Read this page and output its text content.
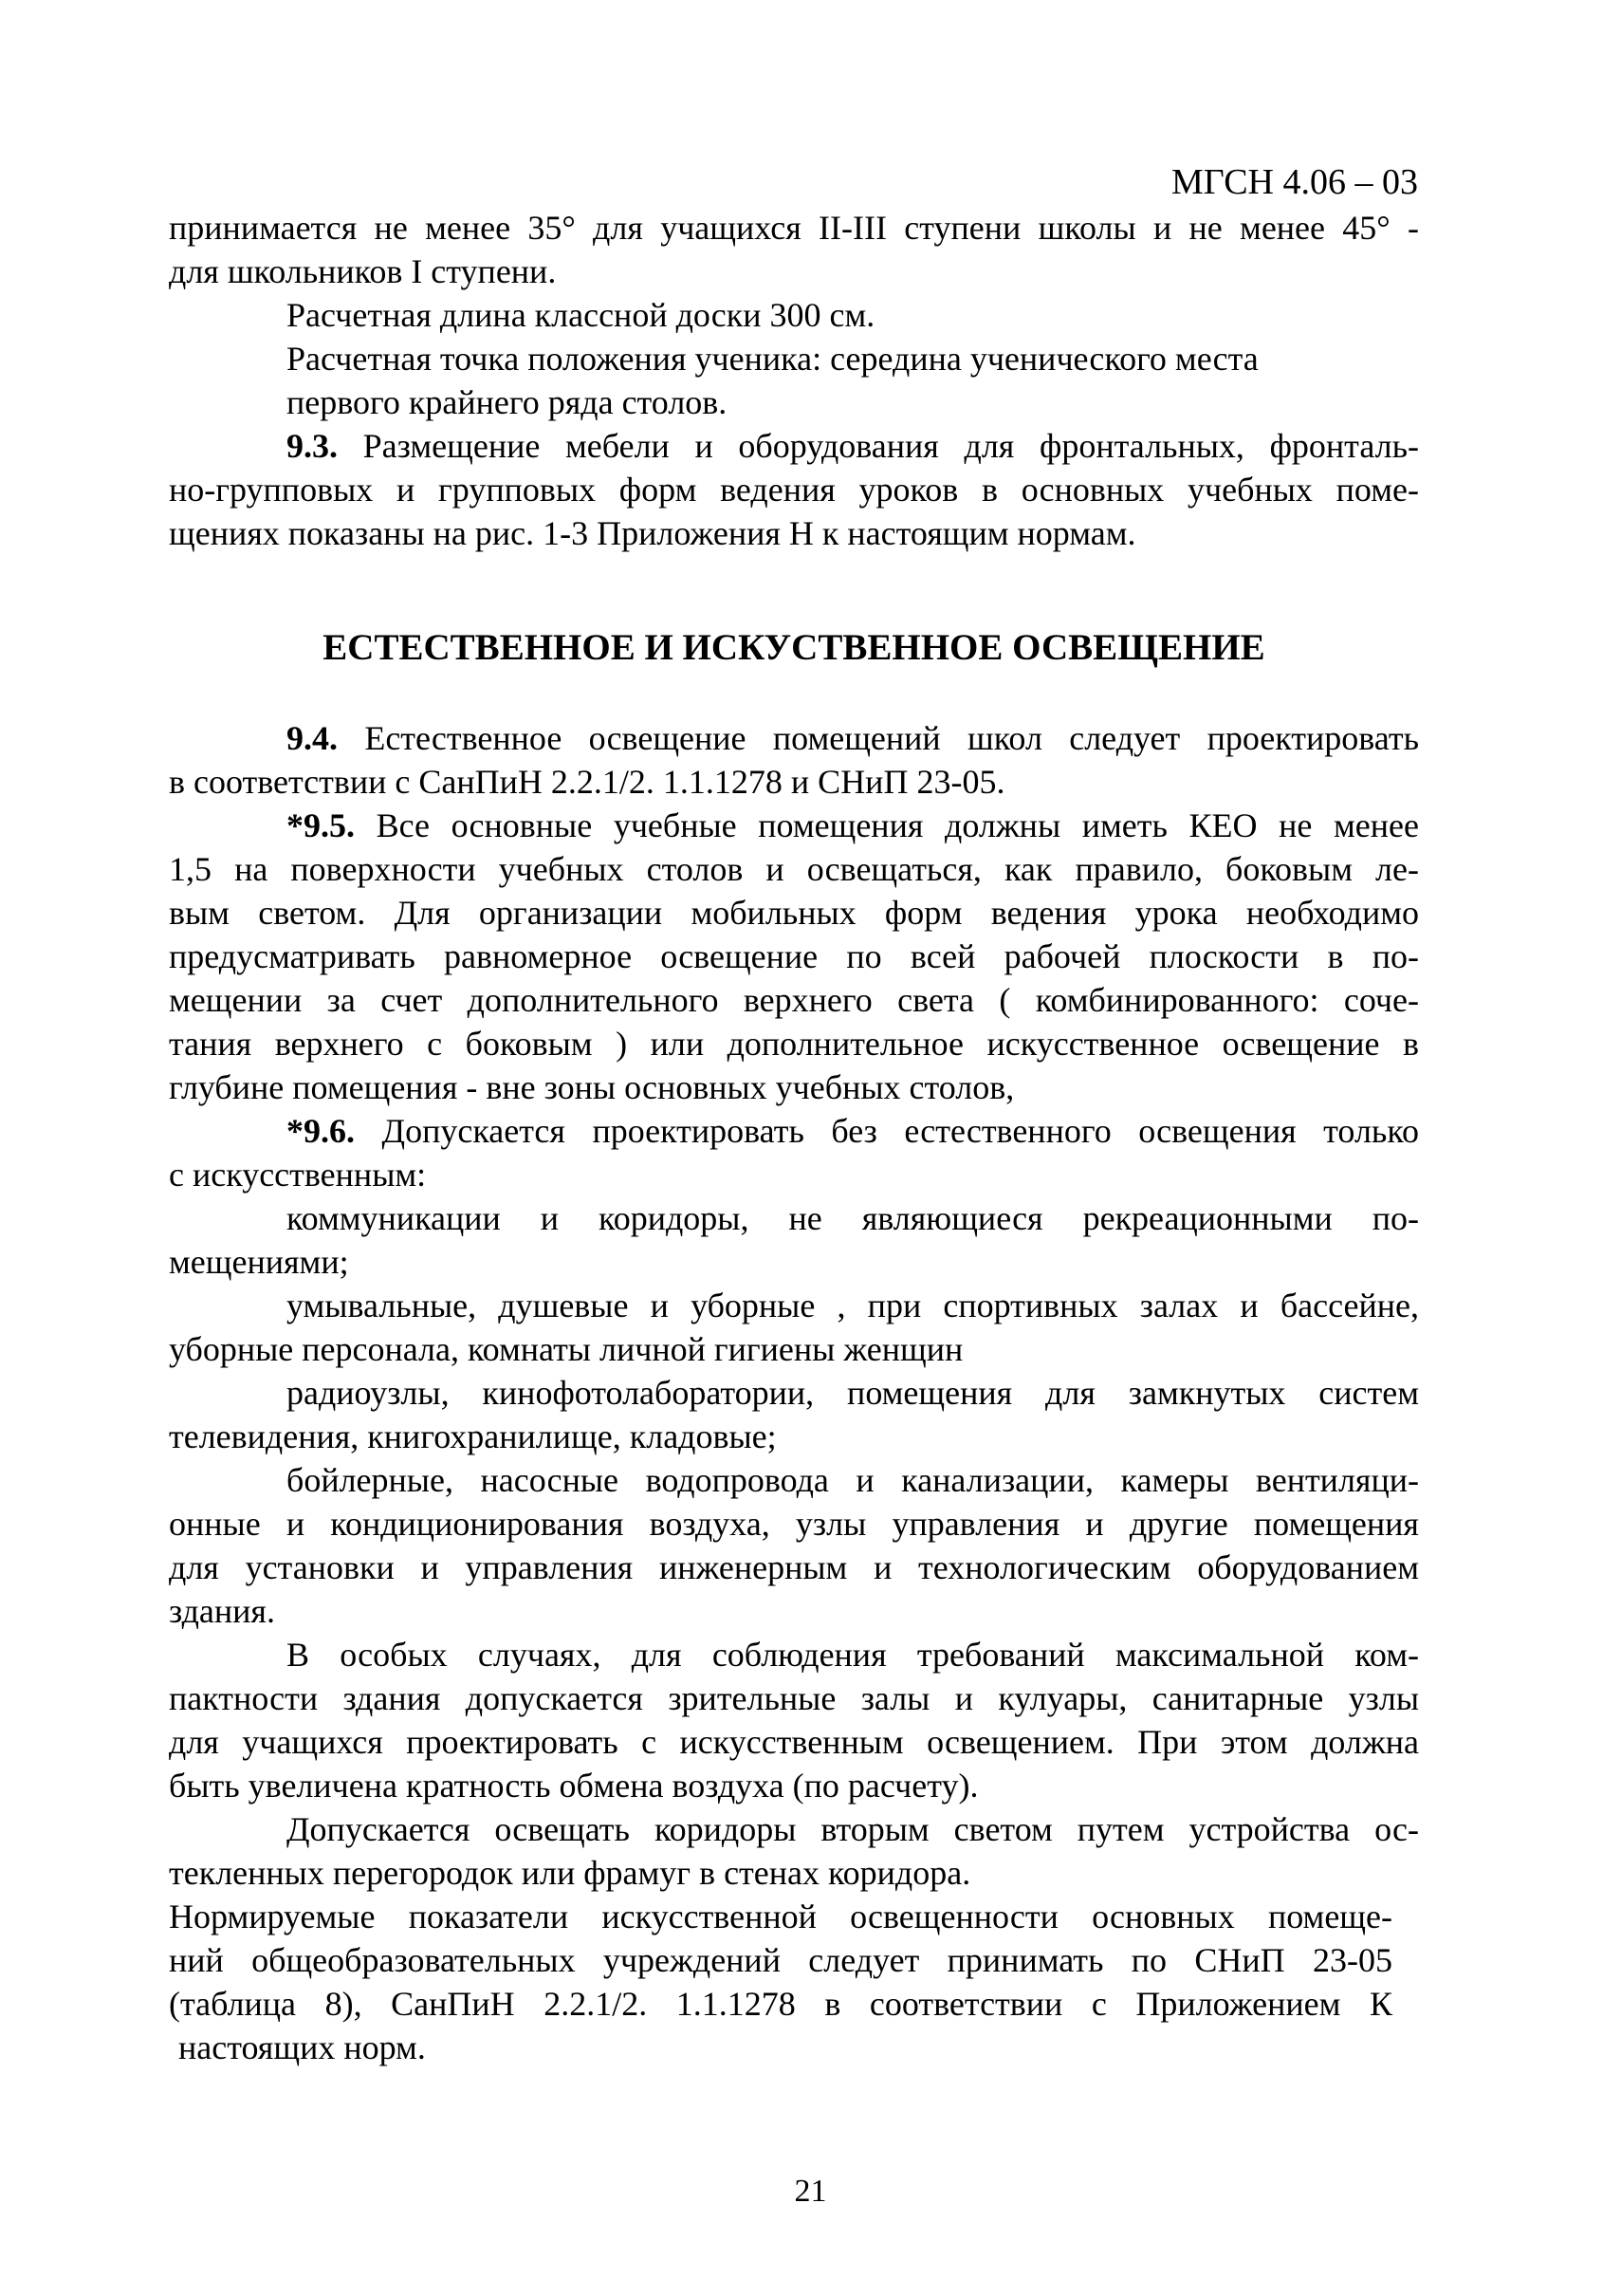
МГСН 4.06 – 03
принимается не менее 35° для учащихся II-III ступени школы и не менее 45° -
для школьников I ступени.
Расчетная длина классной доски 300 см.
Расчетная точка положения ученика: середина ученического места
первого крайнего ряда столов.
9.3. Размещение мебели и оборудования для фронтальных, фронталь-
но-групповых и групповых форм ведения уроков в основных учебных поме-
щениях показаны на рис. 1-3 Приложения Н к настоящим нормам.
ЕСТЕСТВЕННОЕ И ИСКУСТВЕННОЕ ОСВЕЩЕНИЕ
9.4. Естественное освещение помещений школ следует проектировать
в соответствии с СанПиН 2.2.1/2. 1.1.1278 и СНиП 23-05.
*9.5. Все основные учебные помещения должны иметь КЕО не менее
1,5 на поверхности учебных столов и освещаться, как правило, боковым ле-
вым светом. Для организации мобильных форм ведения урока необходимо
предусматривать равномерное освещение по всей рабочей плоскости в по-
мещении за счет дополнительного верхнего света ( комбинированного: соче-
тания верхнего с боковым ) или дополнительное искусственное освещение в
глубине помещения - вне зоны основных учебных столов,
*9.6. Допускается проектировать без естественного освещения только
с искусственным:
коммуникации и коридоры, не являющиеся рекреационными по-
мещениями;
умывальные, душевые и уборные , при спортивных залах и бассейне,
уборные персонала, комнаты личной гигиены женщин
радиоузлы, кинофотолаборатории, помещения для замкнутых систем
телевидения, книгохранилище, кладовые;
бойлерные, насосные водопровода и канализации, камеры вентиляци-
онные и кондиционирования воздуха, узлы управления и другие помещения
для установки и управления инженерным и технологическим оборудованием
здания.
В особых случаях, для соблюдения требований максимальной ком-
пактности здания допускается зрительные залы и кулуары, санитарные узлы
для учащихся проектировать с искусственным освещением. При этом должна
быть увеличена кратность обмена воздуха (по расчету).
Допускается освещать коридоры вторым светом путем устройства ос-
текленных перегородок или фрамуг в стенах коридора.
Нормируемые показатели искусственной освещенности основных помеще-
ний общеобразовательных учреждений следует принимать по СНиП 23-05
(таблица 8), СанПиН 2.2.1/2. 1.1.1278 в соответствии с Приложением К
настоящих норм.
21
